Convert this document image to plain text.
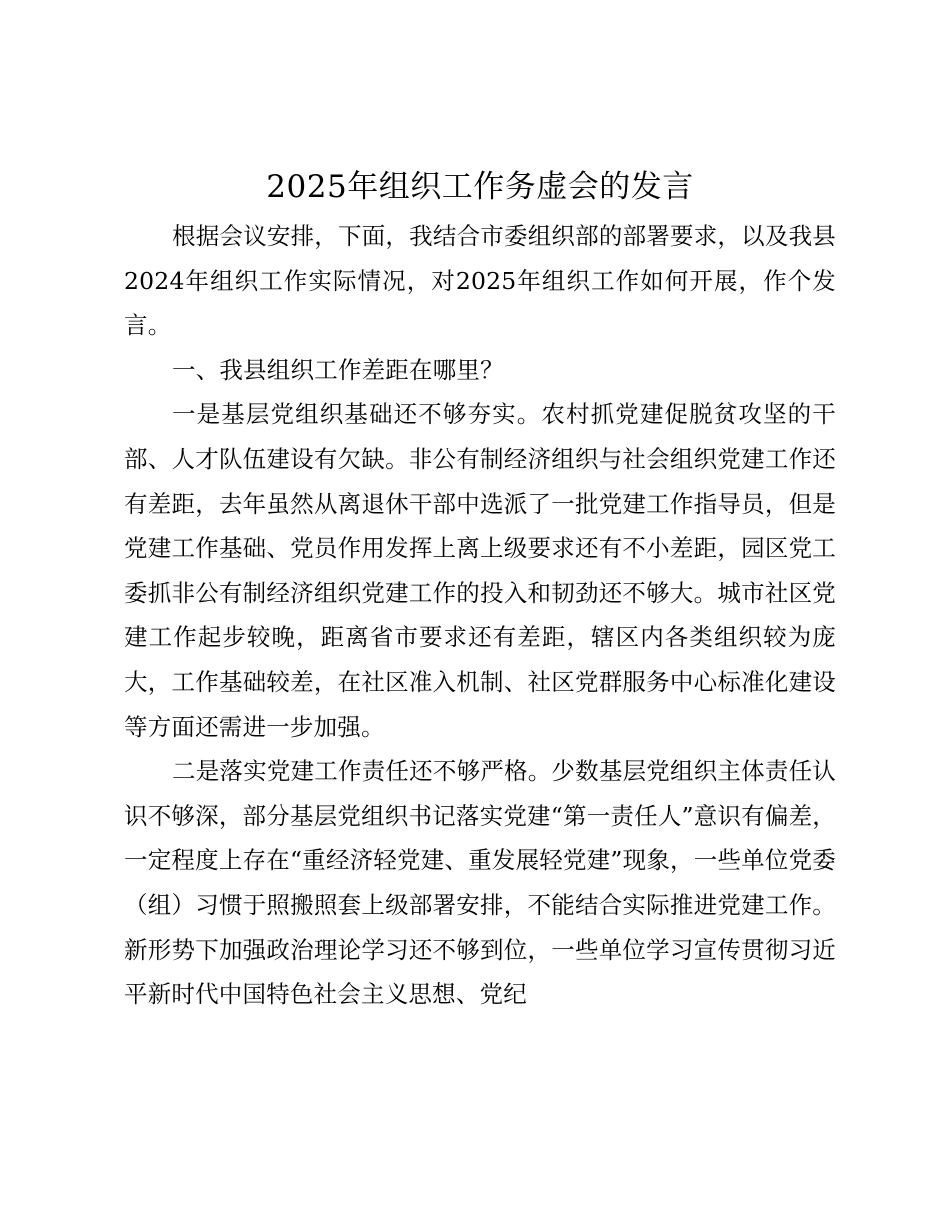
2025年组织工作务虚会的发言

根据会议安排，下面，我结合市委组织部的部署要求，以及我县2024年组织工作实际情况，对2025年组织工作如何开展，作个发言。

一、我县组织工作差距在哪里？

一是基层党组织基础还不够夯实。农村抓党建促脱贫攻坚的干部、人才队伍建设有欠缺。非公有制经济组织与社会组织党建工作还有差距，去年虽然从离退休干部中选派了一批党建工作指导员，但是党建工作基础、党员作用发挥上离上级要求还有不小差距，园区党工委抓非公有制经济组织党建工作的投入和韧劲还不够大。城市社区党建工作起步较晚，距离省市要求还有差距，辖区内各类组织较为庞大，工作基础较差，在社区准入机制、社区党群服务中心标准化建设等方面还需进一步加强。

二是落实党建工作责任还不够严格。少数基层党组织主体责任认识不够深，部分基层党组织书记落实党建“第一责任人”意识有偏差，一定程度上存在“重经济轻党建、重发展轻党建”现象，一些单位党委（组）习惯于照搬照套上级部署安排，不能结合实际推进党建工作。新形势下加强政治理论学习还不够到位，一些单位学习宣传贯彻习近平新时代中国特色社会主义思想、党纪
